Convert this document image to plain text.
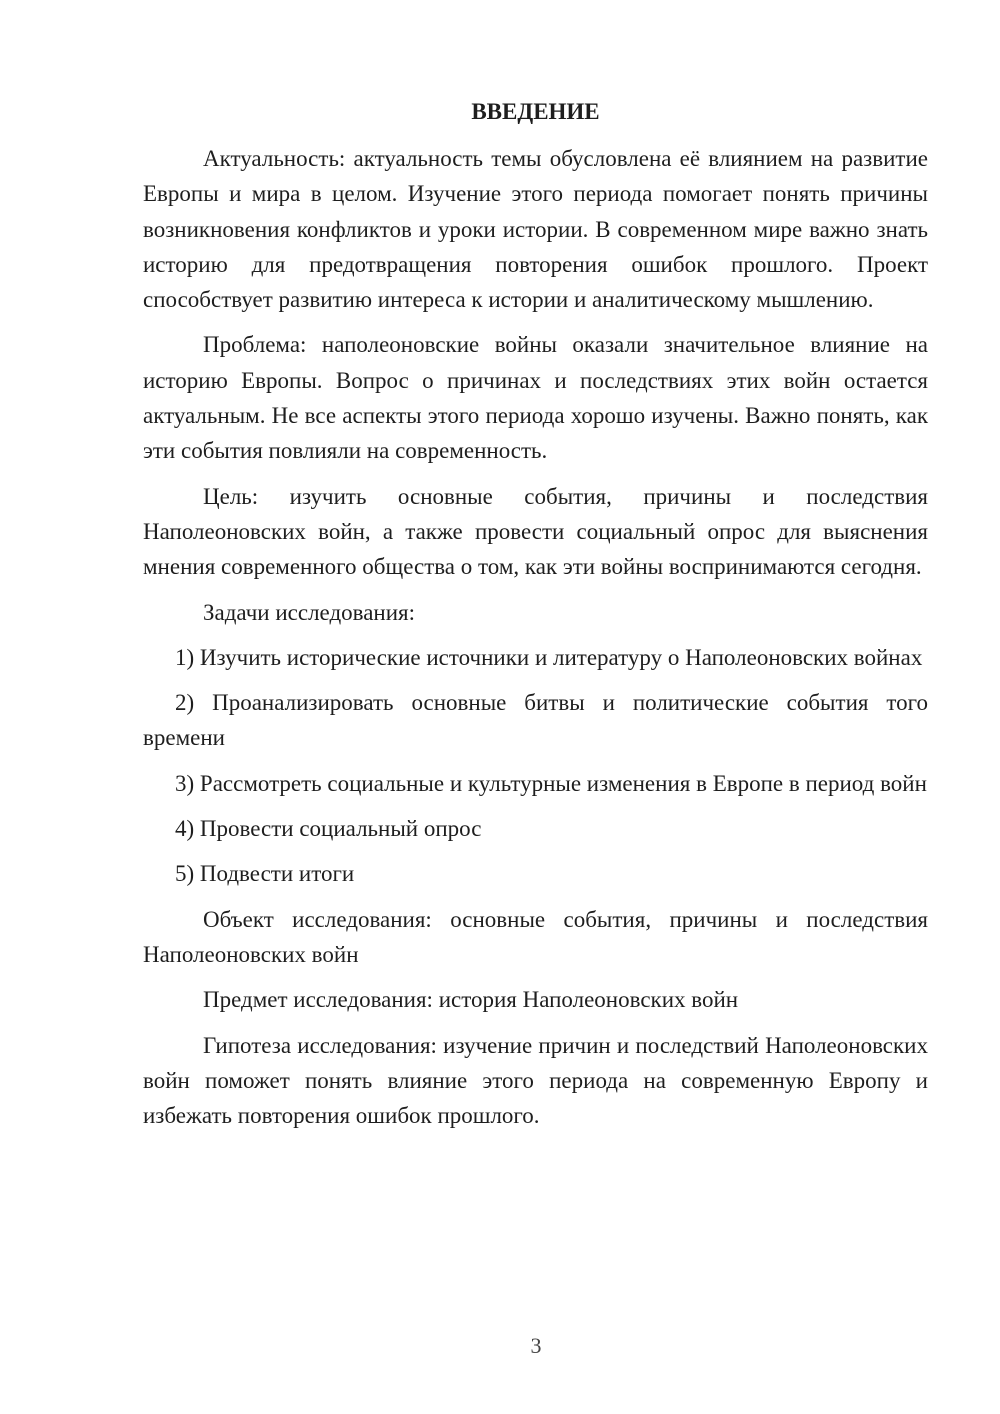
ВВЕДЕНИЕ

Актуальность: актуальность темы обусловлена её влиянием на развитие Европы и мира в целом. Изучение этого периода помогает понять причины возникновения конфликтов и уроки истории. В современном мире важно знать историю для предотвращения повторения ошибок прошлого. Проект способствует развитию интереса к истории и аналитическому мышлению.

Проблема: наполеоновские войны оказали значительное влияние на историю Европы. Вопрос о причинах и последствиях этих войн остается актуальным. Не все аспекты этого периода хорошо изучены. Важно понять, как эти события повлияли на современность.

Цель: изучить основные события, причины и последствия Наполеоновских войн, а также провести социальный опрос для выяснения мнения современного общества о том, как эти войны воспринимаются сегодня.

Задачи исследования:

1) Изучить исторические источники и литературу о Наполеоновских войнах

2) Проанализировать основные битвы и политические события того времени

3) Рассмотреть социальные и культурные изменения в Европе в период войн

4) Провести социальный опрос

5) Подвести итоги

Объект исследования: основные события, причины и последствия Наполеоновских войн

Предмет исследования: история Наполеоновских войн

Гипотеза исследования: изучение причин и последствий Наполеоновских войн поможет понять влияние этого периода на современную Европу и избежать повторения ошибок прошлого.

3
